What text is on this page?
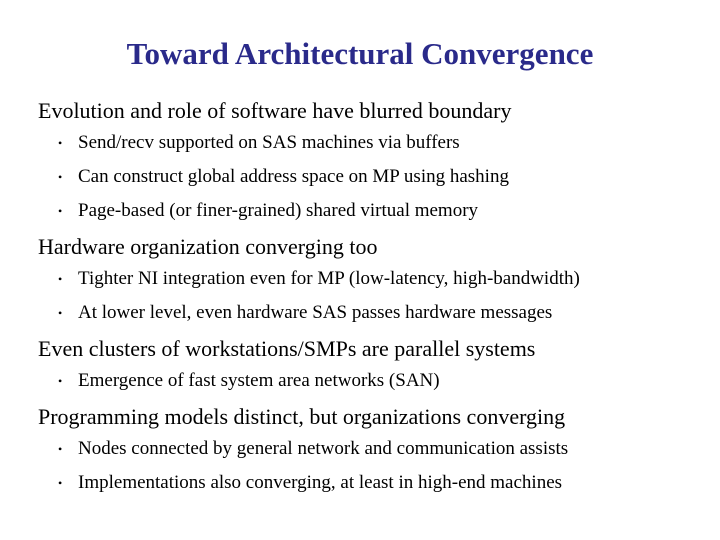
Toward Architectural Convergence
Evolution and role of software have blurred boundary
• Send/recv supported on SAS machines via buffers
• Can construct global address space on MP using hashing
• Page-based (or finer-grained) shared virtual memory
Hardware organization converging too
• Tighter NI integration even for MP (low-latency, high-bandwidth)
• At lower level, even hardware SAS passes hardware messages
Even clusters of workstations/SMPs are parallel systems
• Emergence of fast system area networks (SAN)
Programming models distinct, but organizations converging
• Nodes connected by general network and communication assists
• Implementations also converging, at least in high-end machines
